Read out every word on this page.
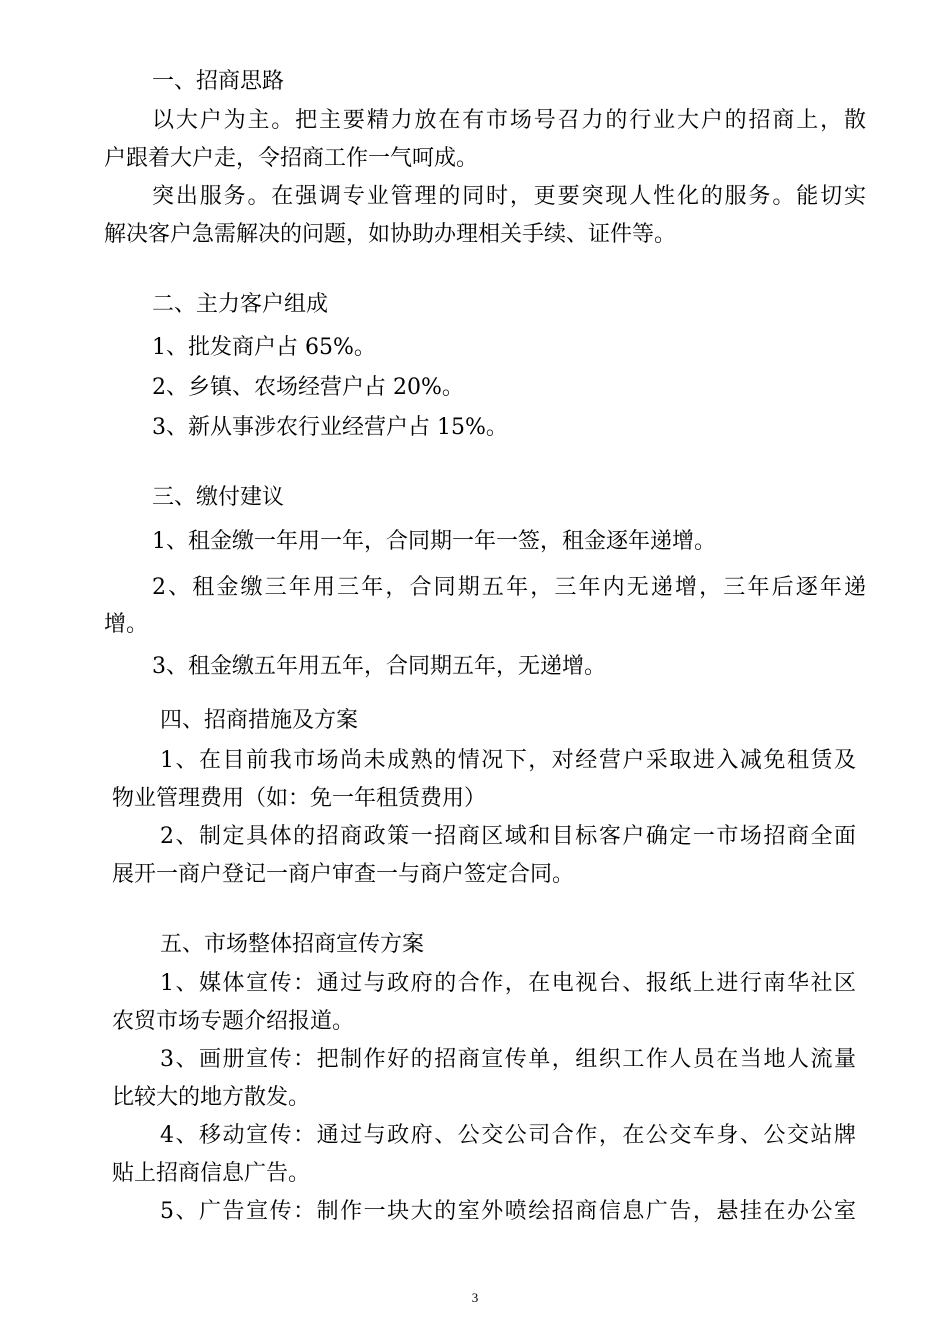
一、招商思路
以大户为主。把主要精力放在有市场号召力的行业大户的招商上，散
户跟着大户走，令招商工作一气呵成。
突出服务。在强调专业管理的同时，更要突现人性化的服务。能切实
解决客户急需解决的问题，如协助办理相关手续、证件等。
二、主力客户组成
1、批发商户占 65%。
2、乡镇、农场经营户占 20%。
3、新从事涉农行业经营户占 15%。
三、缴付建议
1、租金缴一年用一年，合同期一年一签，租金逐年递增。
2、租金缴三年用三年，合同期五年，三年内无递增，三年后逐年递
增。
3、租金缴五年用五年，合同期五年，无递增。
四、招商措施及方案
1、在目前我市场尚未成熟的情况下，对经营户采取进入减免租赁及
物业管理费用（如：免一年租赁费用）
2、制定具体的招商政策一招商区域和目标客户确定一市场招商全面
展开一商户登记一商户审查一与商户签定合同。
五、市场整体招商宣传方案
1、媒体宣传：通过与政府的合作，在电视台、报纸上进行南华社区
农贸市场专题介绍报道。
3、画册宣传：把制作好的招商宣传单，组织工作人员在当地人流量
比较大的地方散发。
4、移动宣传：通过与政府、公交公司合作，在公交车身、公交站牌
贴上招商信息广告。
5、广告宣传：制作一块大的室外喷绘招商信息广告，悬挂在办公室
3
